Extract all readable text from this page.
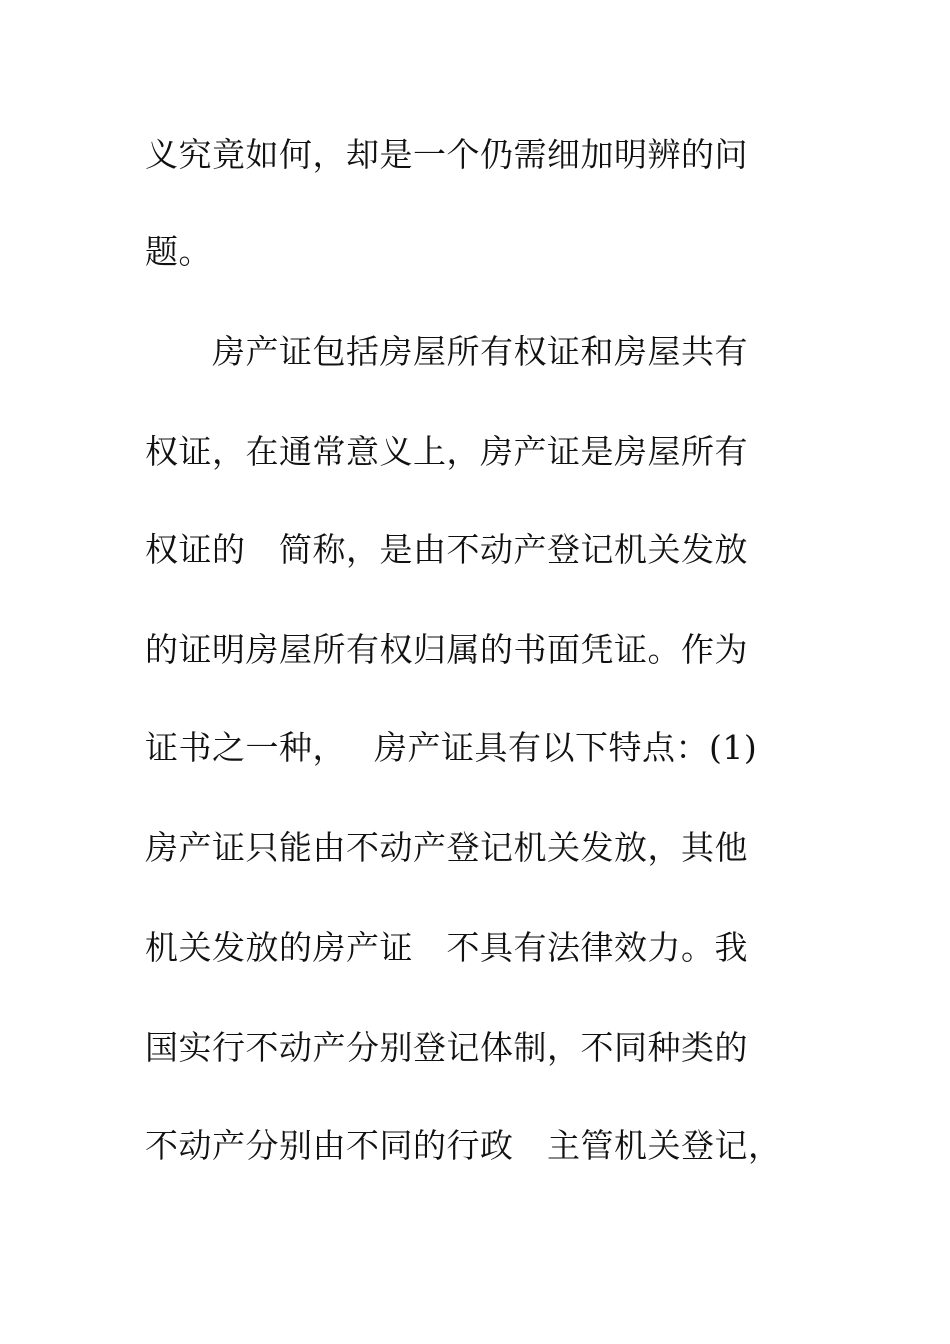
义究竟如何，却是一个仍需细加明辨的问
题。
　　房产证包括房屋所有权证和房屋共有
权证，在通常意义上，房产证是房屋所有
权证的　简称，是由不动产登记机关发放
的证明房屋所有权归属的书面凭证。作为
证书之一种，　 房产证具有以下特点：(1)
房产证只能由不动产登记机关发放，其他
机关发放的房产证　不具有法律效力。我
国实行不动产分别登记体制，不同种类的
不动产分别由不同的行政　主管机关登记，
